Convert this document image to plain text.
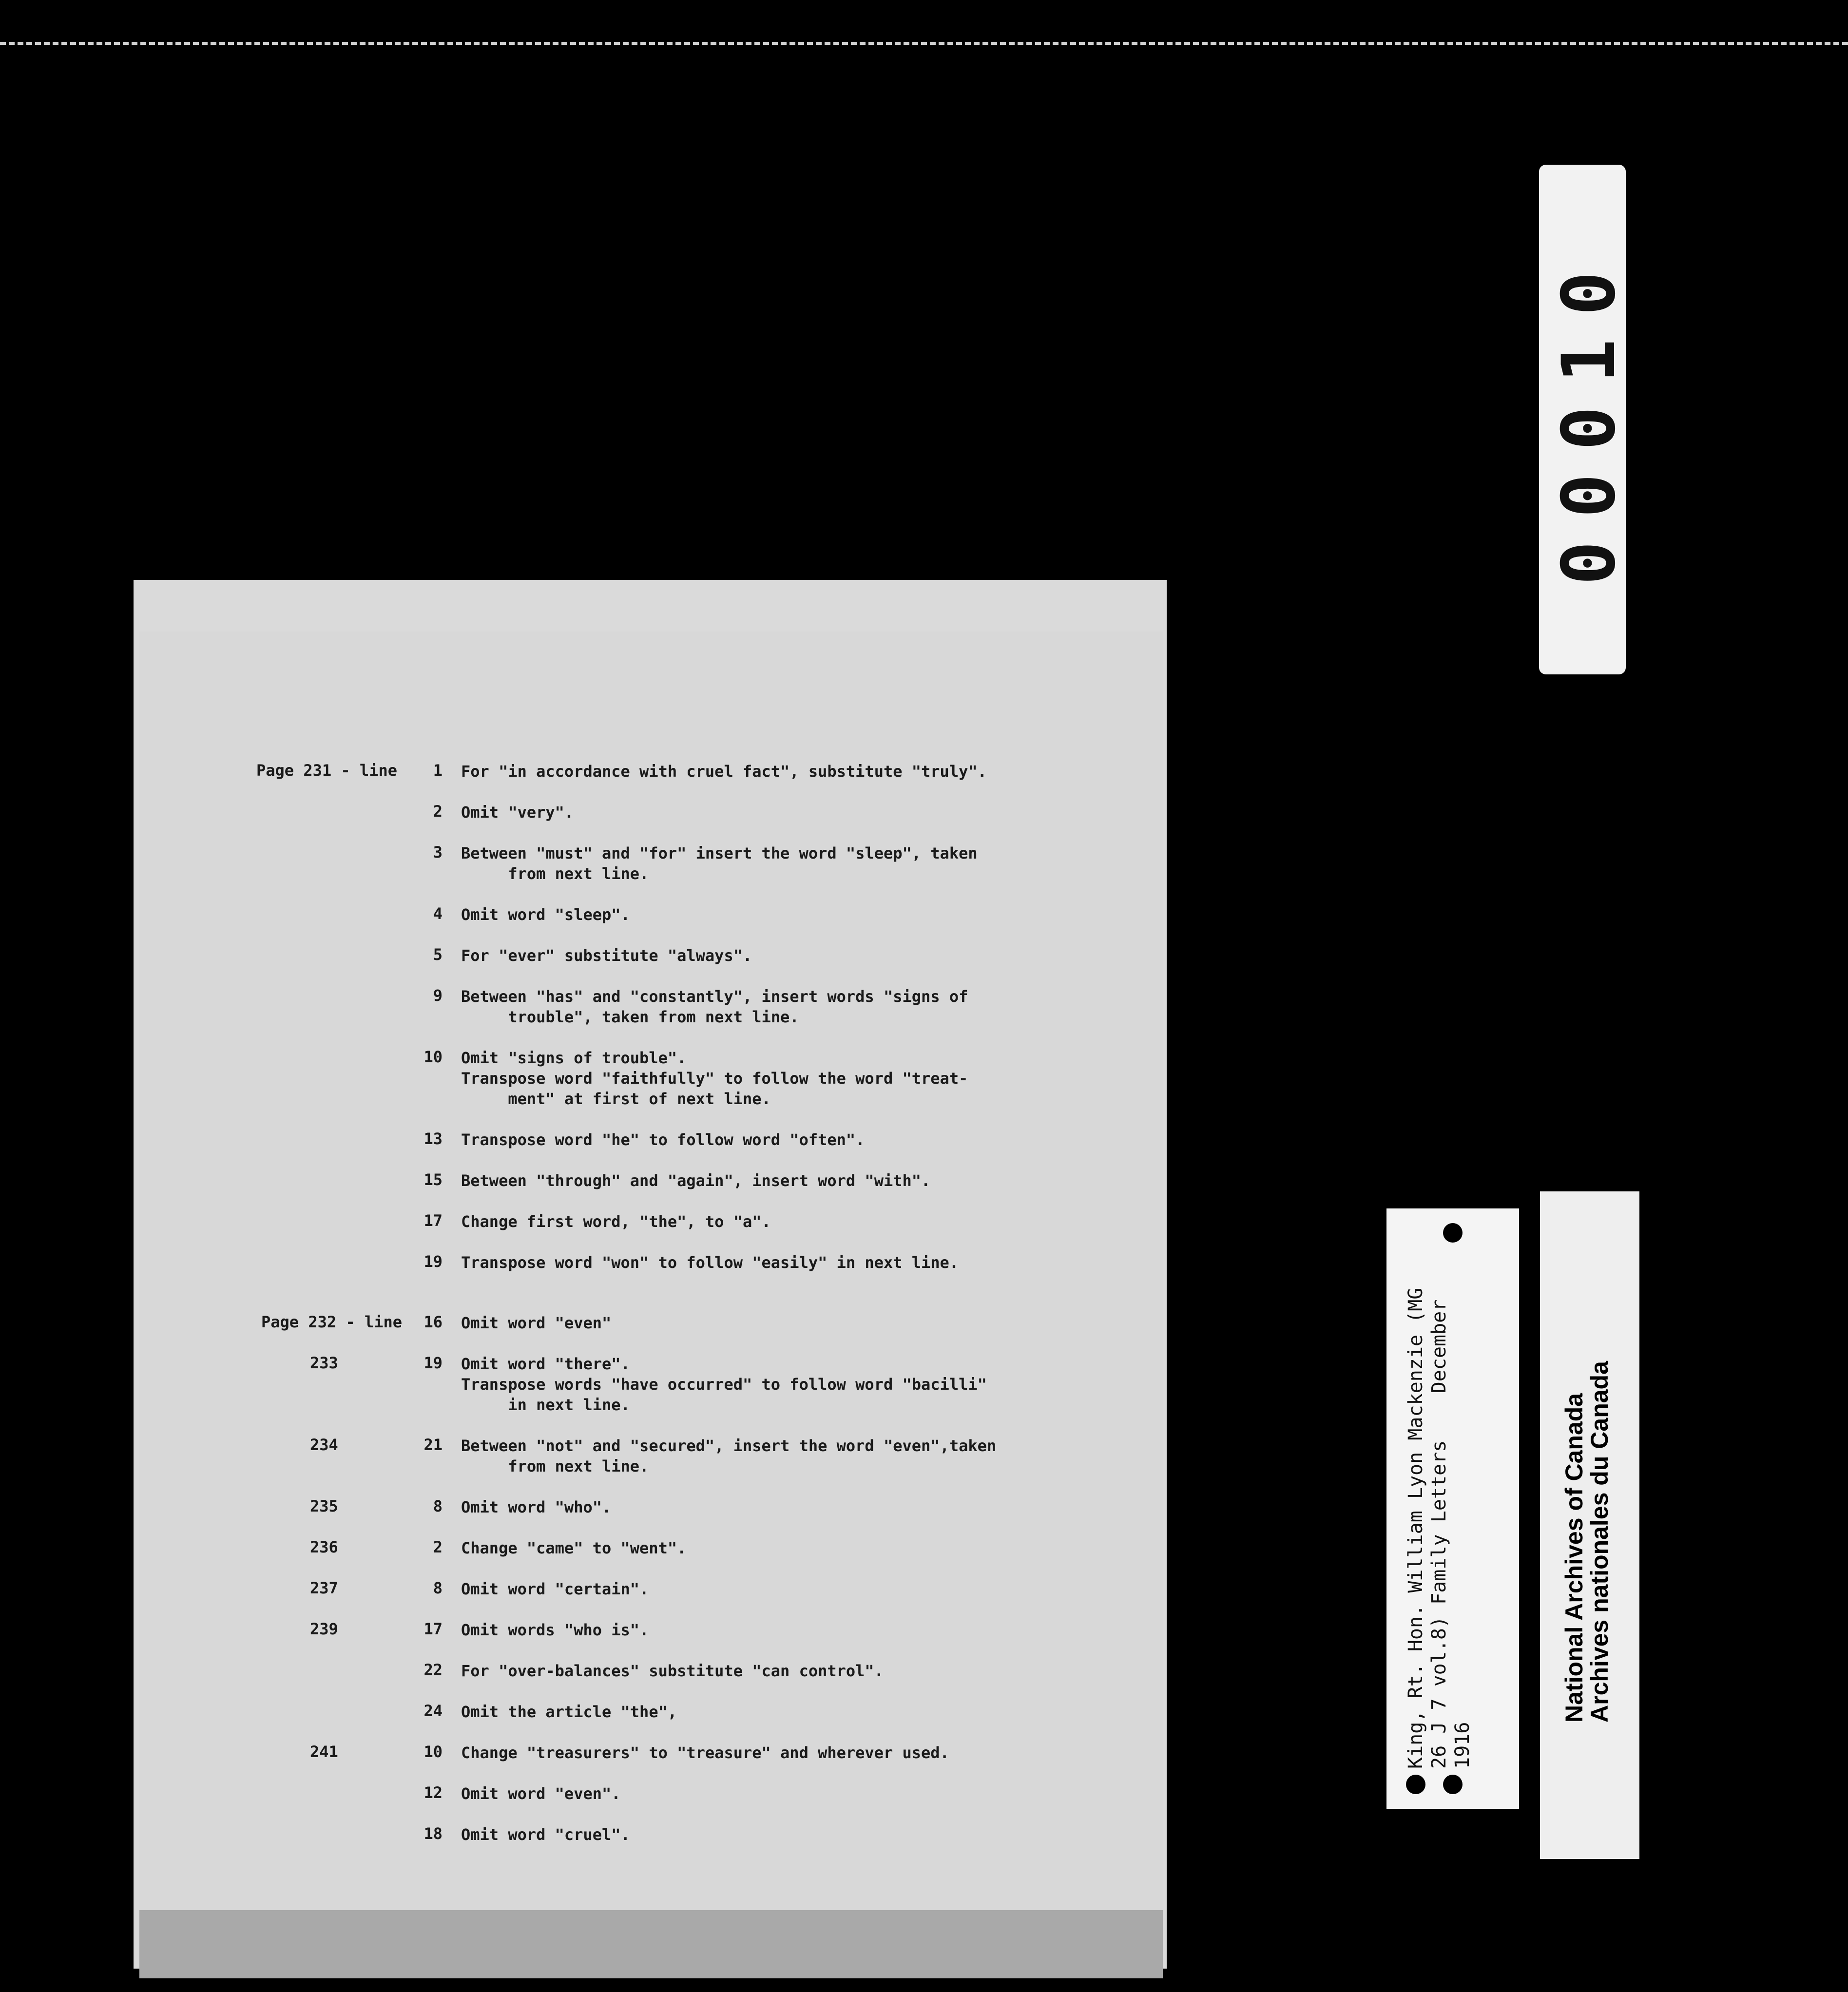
00010
Page 231 - line	1 For "in accordance with cruel fact", substitute "truly".
2 Omit "very".
3 Between "must" and "for" insert the word "sleep", taken
from next line.
4 Omit word "sleep".
5 For "ever" substitute "always".
9 Between "has" and "constantly", insert words "signs of
trouble", taken from next line.
10 Omit "signs of trouble".
Transpose word "faithfully" to follow the word "treat-
ment" at first of next line.
13 Transpose word "he" to follow word "often".
15 Between "through" and "again", insert word "with".
17 Change first word, "the", to "a".
19 Transpose word "won" to follow "easily" in next line.
Page 232 - line	16 Omit word "even"
233	19 Omit word "there".
Transpose words "have occurred" to follow word "bacilli"
in next line.
234	21 Between "not" and "secured", insert the word "even",taken
from next line.
235	8 Omit word "who".
236	2 Change "came" to "went".
237	8 Omit word "certain".
239	17 Omit words "who is".
22 For "over-balances" substitute "can control".
24 Omit the article "the",
241	10 Change "treasurers" to "treasure" and wherever used.
12 Omit word "even".
18 Omit word "cruel".
King, Rt. Hon. William Lyon Mackenzie (MG
26 J 7 vol.8) Family Letters    December
1916
National Archives of Canada
Archives nationales du Canada
